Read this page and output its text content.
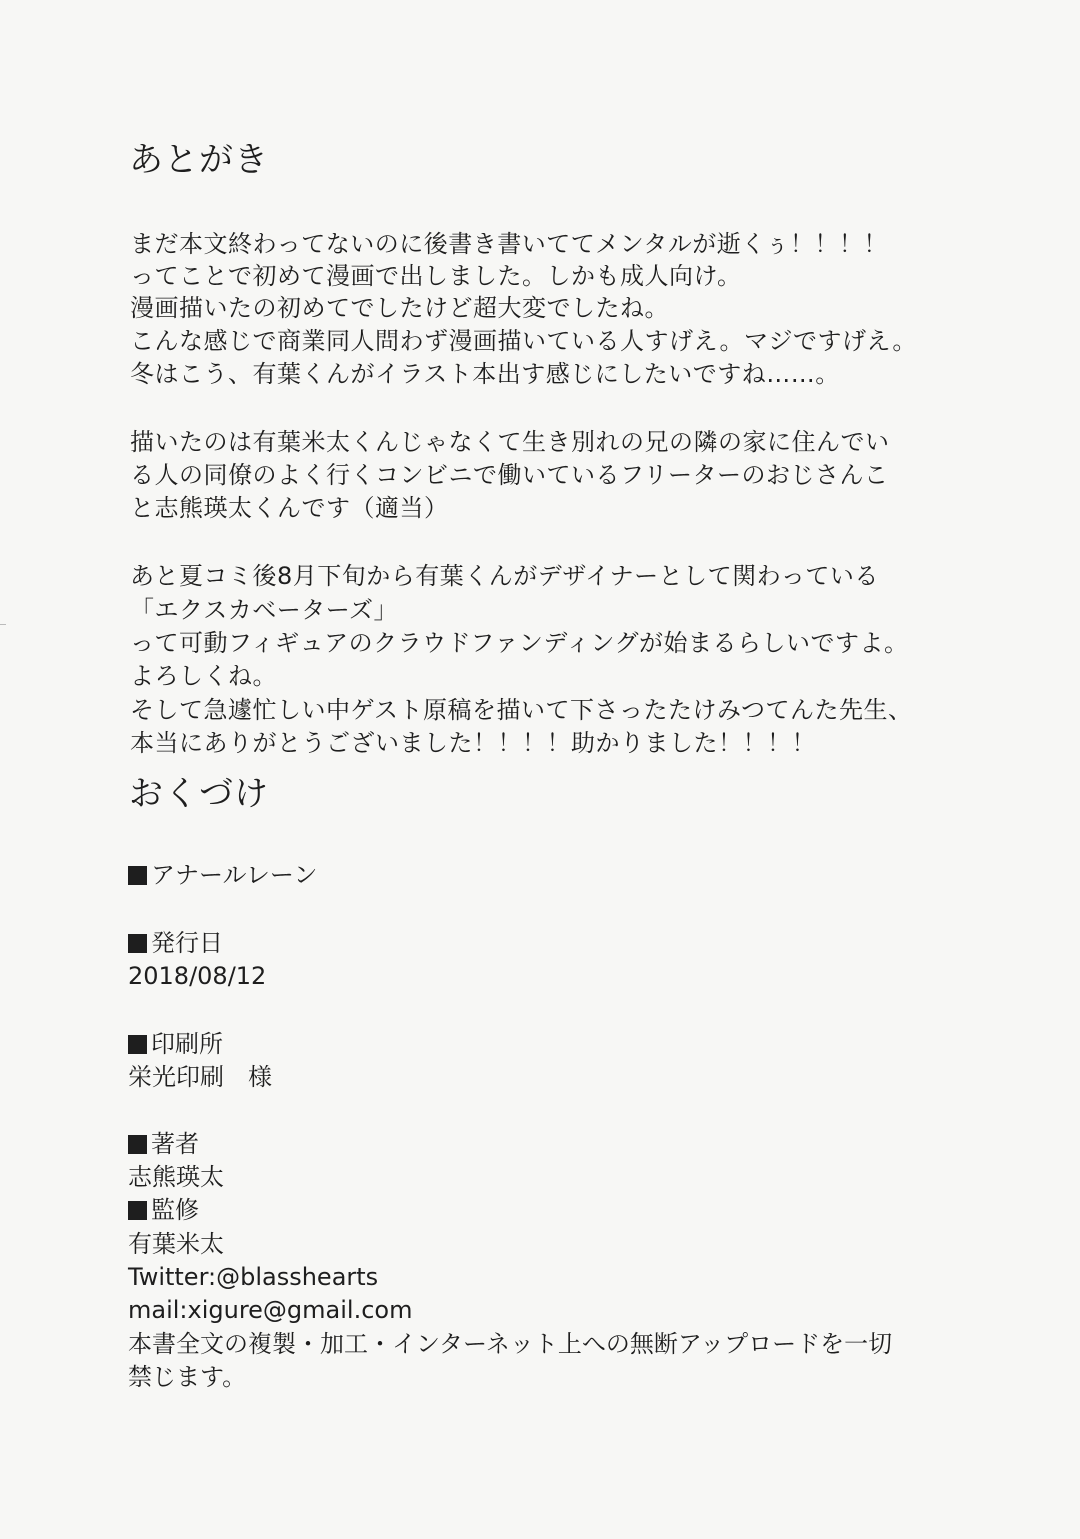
あとがき
まだ本文終わってないのに後書き書いててメンタルが逝くぅ！！！！
ってことで初めて漫画で出しました。しかも成人向け。
漫画描いたの初めてでしたけど超大変でしたね。
こんな感じで商業同人問わず漫画描いている人すげえ。マジですげえ。
冬はこう、有葉くんがイラスト本出す感じにしたいですね……。
描いたのは有葉米太くんじゃなくて生き別れの兄の隣の家に住んでい
る人の同僚のよく行くコンビニで働いているフリーターのおじさんこ
と志熊瑛太くんです（適当）
あと夏コミ後8月下旬から有葉くんがデザイナーとして関わっている
「エクスカベーターズ」
って可動フィギュアのクラウドファンディングが始まるらしいですよ。
よろしくね。
そして急遽忙しい中ゲスト原稿を描いて下さったたけみつてんた先生、
本当にありがとうございました！！！！助かりました！！！！
おくづけ
アナールレーン
発行日
2018/08/12
印刷所
栄光印刷　様
著者
志熊瑛太
監修
有葉米太
Twitter:@blasshearts
mail:xigure@gmail.com
本書全文の複製・加工・インターネット上への無断アップロードを一切
禁じます。
